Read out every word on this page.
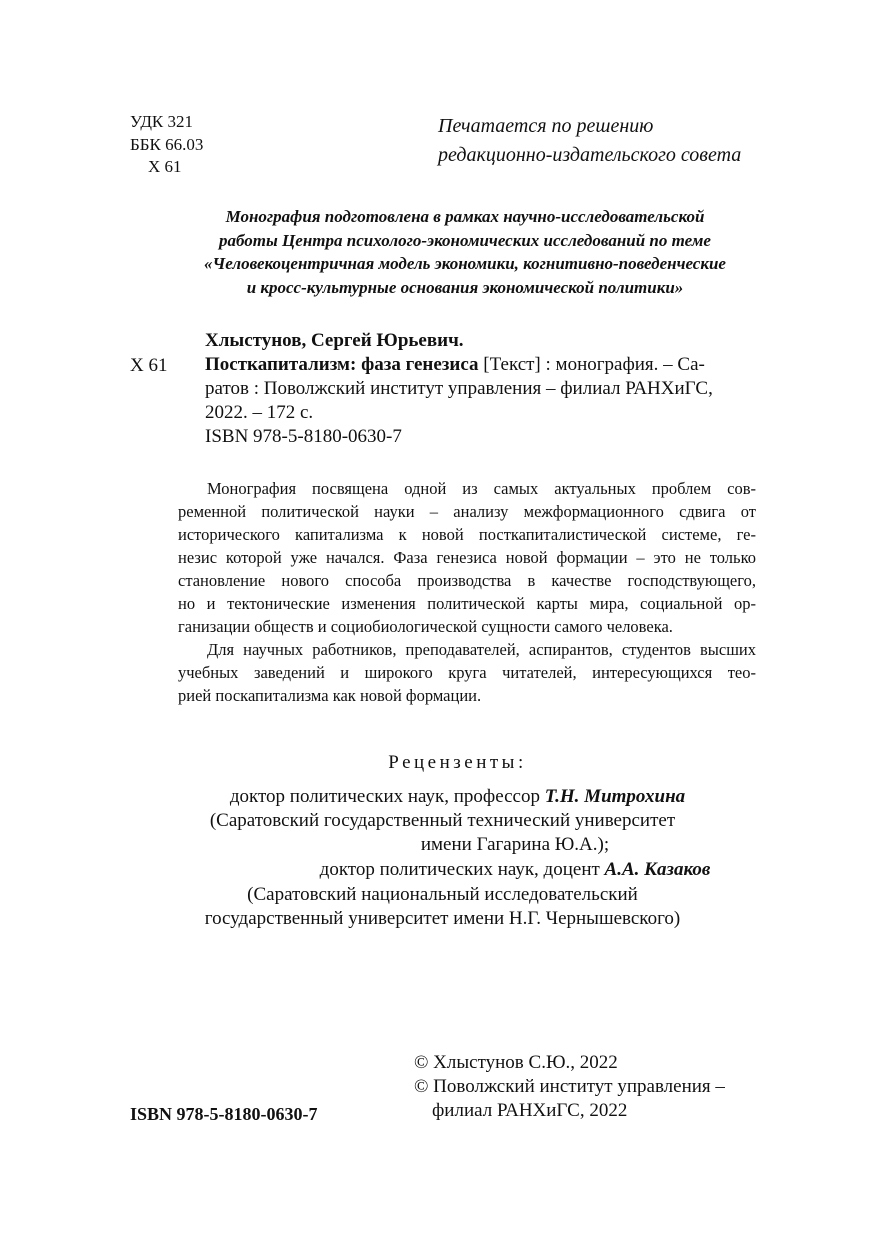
УДК 321
ББК 66.03
Х 61
Печатается по решению
редакционно-издательского совета
Монография подготовлена в рамках научно-исследовательской
работы Центра психолого-экономических исследований по теме
«Человекоцентричная модель экономики, когнитивно-поведенческие
и кросс-культурные основания экономической политики»
Хлыстунов, Сергей Юрьевич.
Х 61 Посткапитализм: фаза генезиса [Текст] : монография. – Са-
ратов : Поволжский институт управления – филиал РАНХиГС,
2022. – 172 с.
ISBN 978-5-8180-0630-7
Монография посвящена одной из самых актуальных проблем сов-
ременной политической науки – анализу межформационного сдвига от
исторического капитализма к новой посткапиталистической системе, ге-
незис которой уже начался. Фаза генезиса новой формации – это не только
становление нового способа производства в качестве господствующего,
но и тектонические изменения политической карты мира, социальной ор-
ганизации обществ и социобиологической сущности самого человека.
Для научных работников, преподавателей, аспирантов, студентов высших
учебных заведений и широкого круга читателей, интересующихся тео-
рией поскапитализма как новой формации.
Рецензенты:
доктор политических наук, профессор Т.Н. Митрохина
(Саратовский государственный технический университет
имени Гагарина Ю.А.);
доктор политических наук, доцент А.А. Казаков
(Саратовский национальный исследовательский
государственный университет имени Н.Г. Чернышевского)
© Хлыстунов С.Ю., 2022
© Поволжский институт управления –
филиал РАНХиГС, 2022
ISBN 978-5-8180-0630-7
